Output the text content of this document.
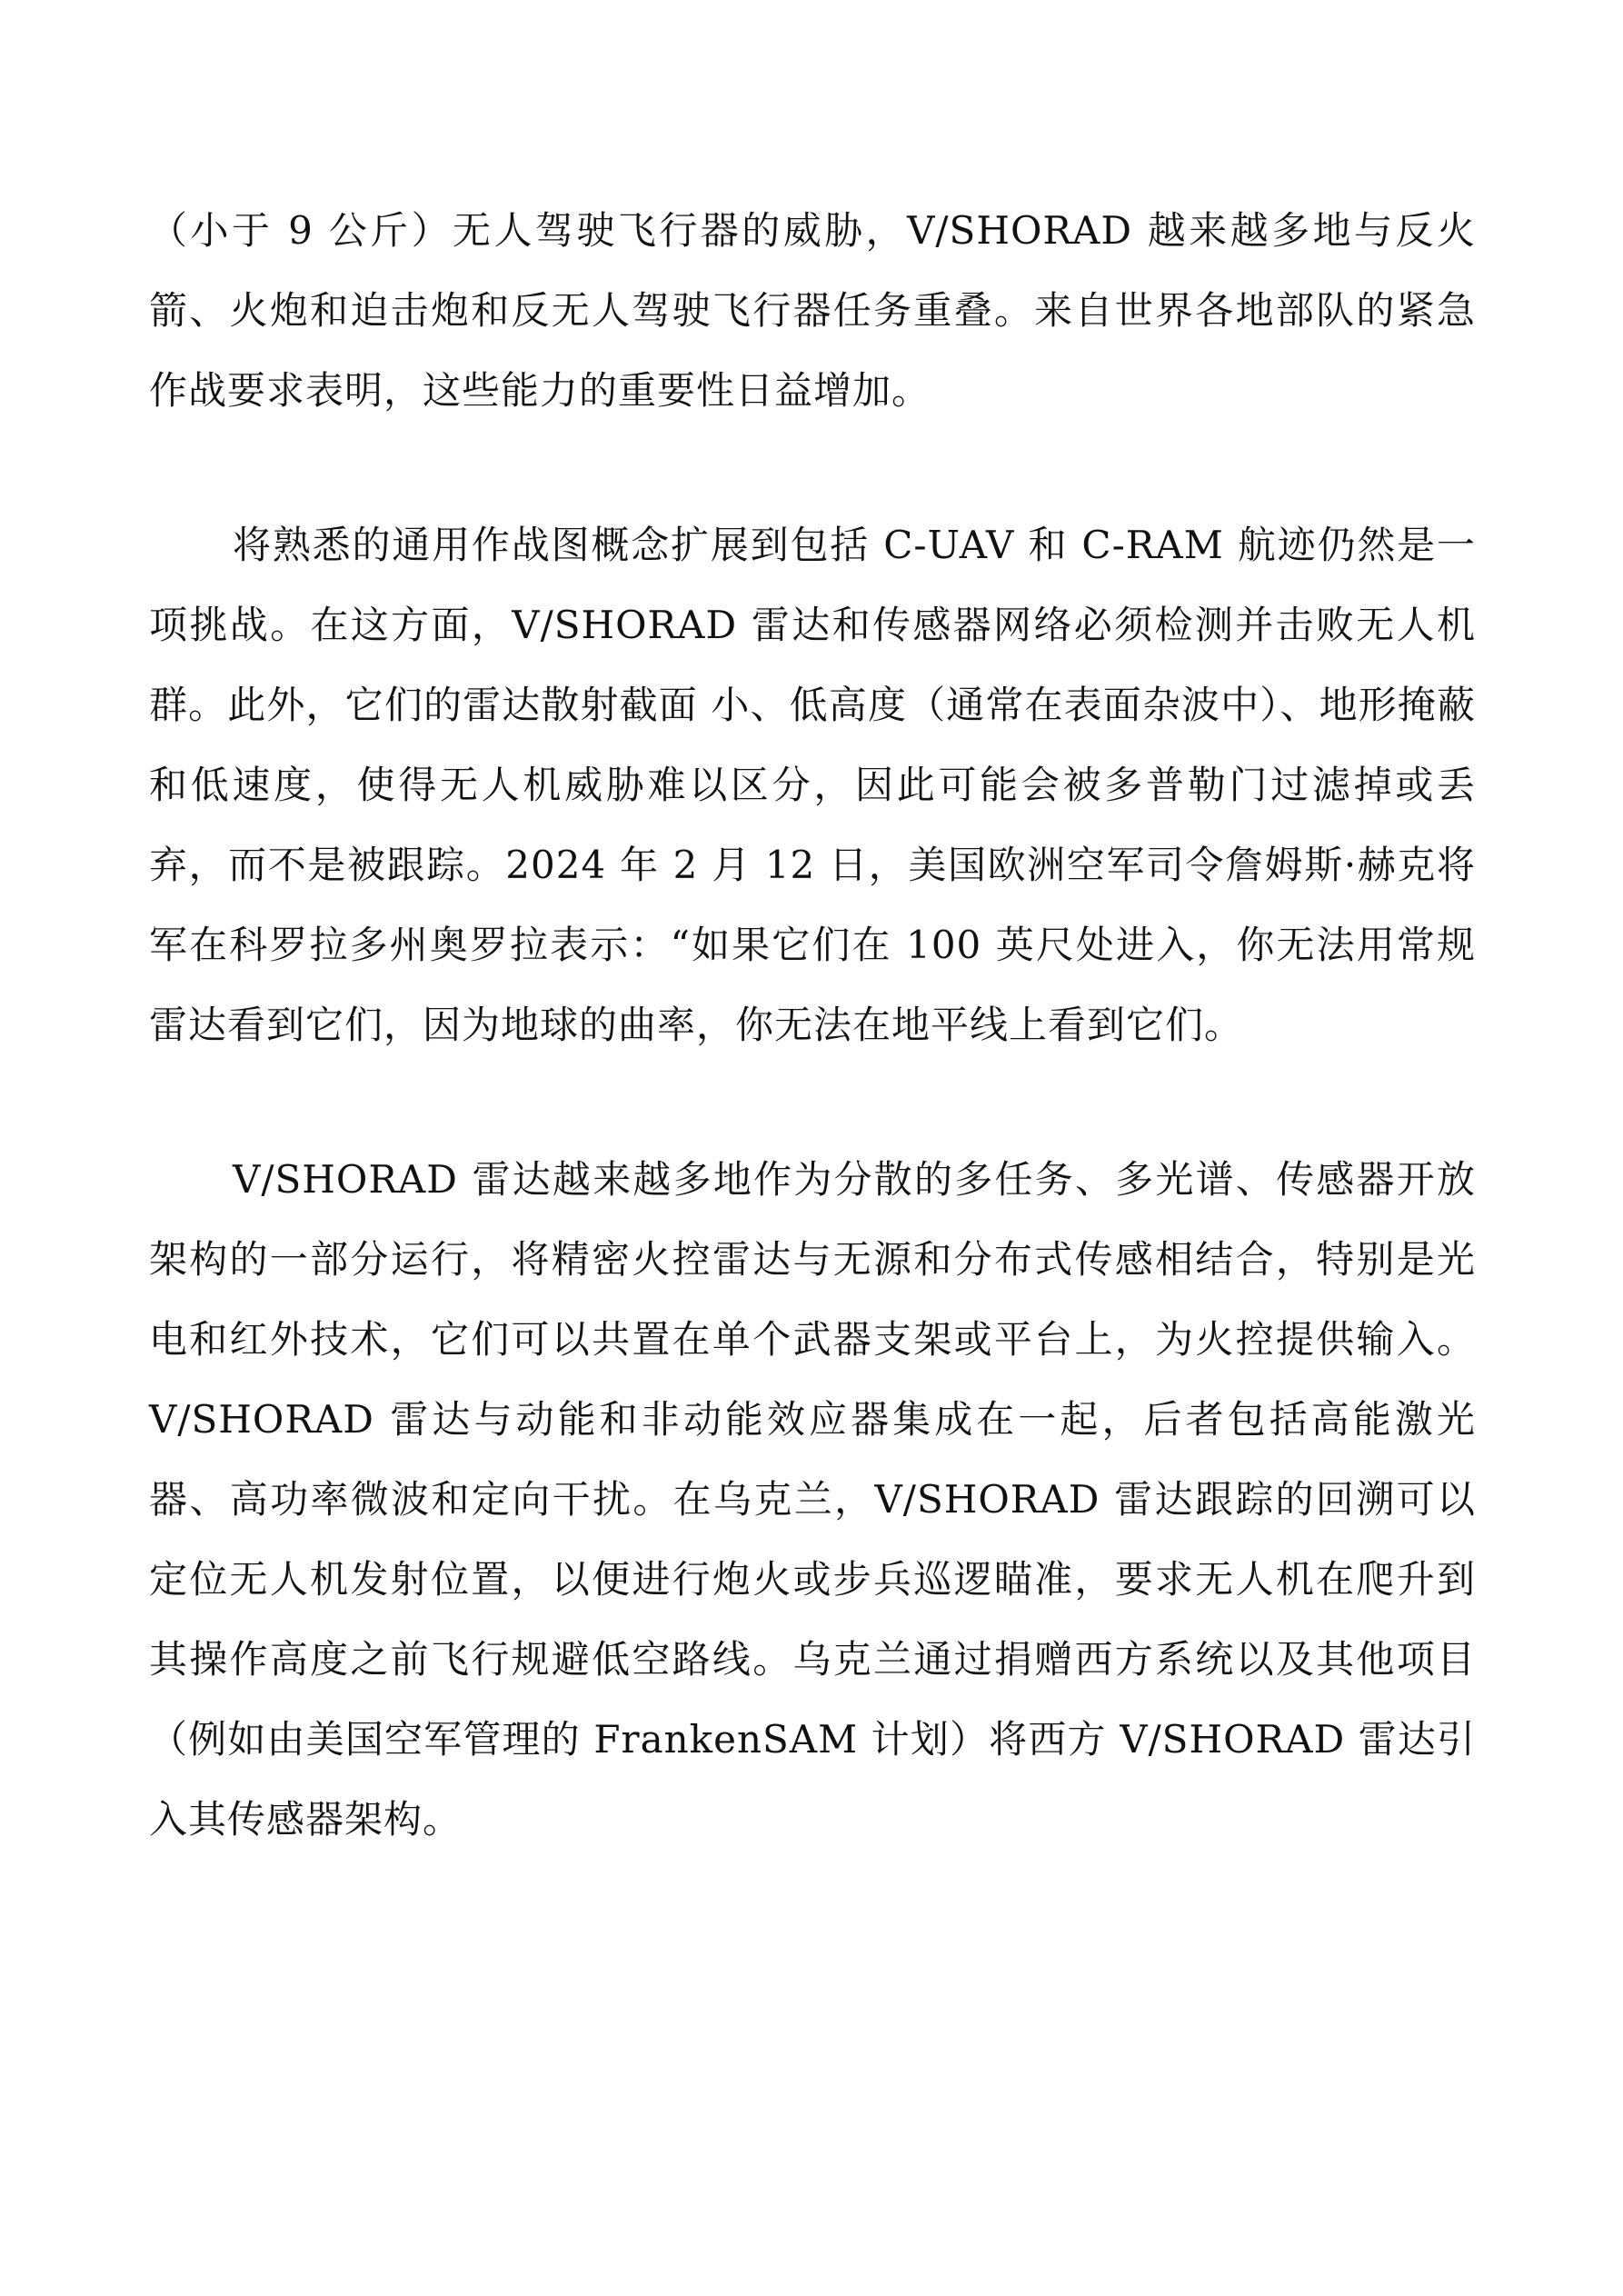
（小于 9 公斤）无人驾驶飞行器的威胁，V/SHORAD 越来越多地与反火箭、火炮和迫击炮和反无人驾驶飞行器任务重叠。来自世界各地部队的紧急作战要求表明，这些能力的重要性日益增加。

将熟悉的通用作战图概念扩展到包括 C-UAV 和 C-RAM 航迹仍然是一项挑战。在这方面，V/SHORAD 雷达和传感器网络必须检测并击败无人机群。此外，它们的雷达散射截面 小、低高度（通常在表面杂波中）、地形掩蔽和低速度，使得无人机威胁难以区分，因此可能会被多普勒门过滤掉或丢弃，而不是被跟踪。2024 年 2 月 12 日，美国欧洲空军司令詹姆斯·赫克将军在科罗拉多州奥罗拉表示：“如果它们在 100 英尺处进入，你无法用常规雷达看到它们，因为地球的曲率，你无法在地平线上看到它们。

V/SHORAD 雷达越来越多地作为分散的多任务、多光谱、传感器开放架构的一部分运行，将精密火控雷达与无源和分布式传感相结合，特别是光电和红外技术，它们可以共置在单个武器支架或平台上，为火控提供输入。V/SHORAD 雷达与动能和非动能效应器集成在一起，后者包括高能激光器、高功率微波和定向干扰。在乌克兰，V/SHORAD 雷达跟踪的回溯可以定位无人机发射位置，以便进行炮火或步兵巡逻瞄准，要求无人机在爬升到其操作高度之前飞行规避低空路线。乌克兰通过捐赠西方系统以及其他项目（例如由美国空军管理的 FrankenSAM 计划）将西方 V/SHORAD 雷达引入其传感器架构。
